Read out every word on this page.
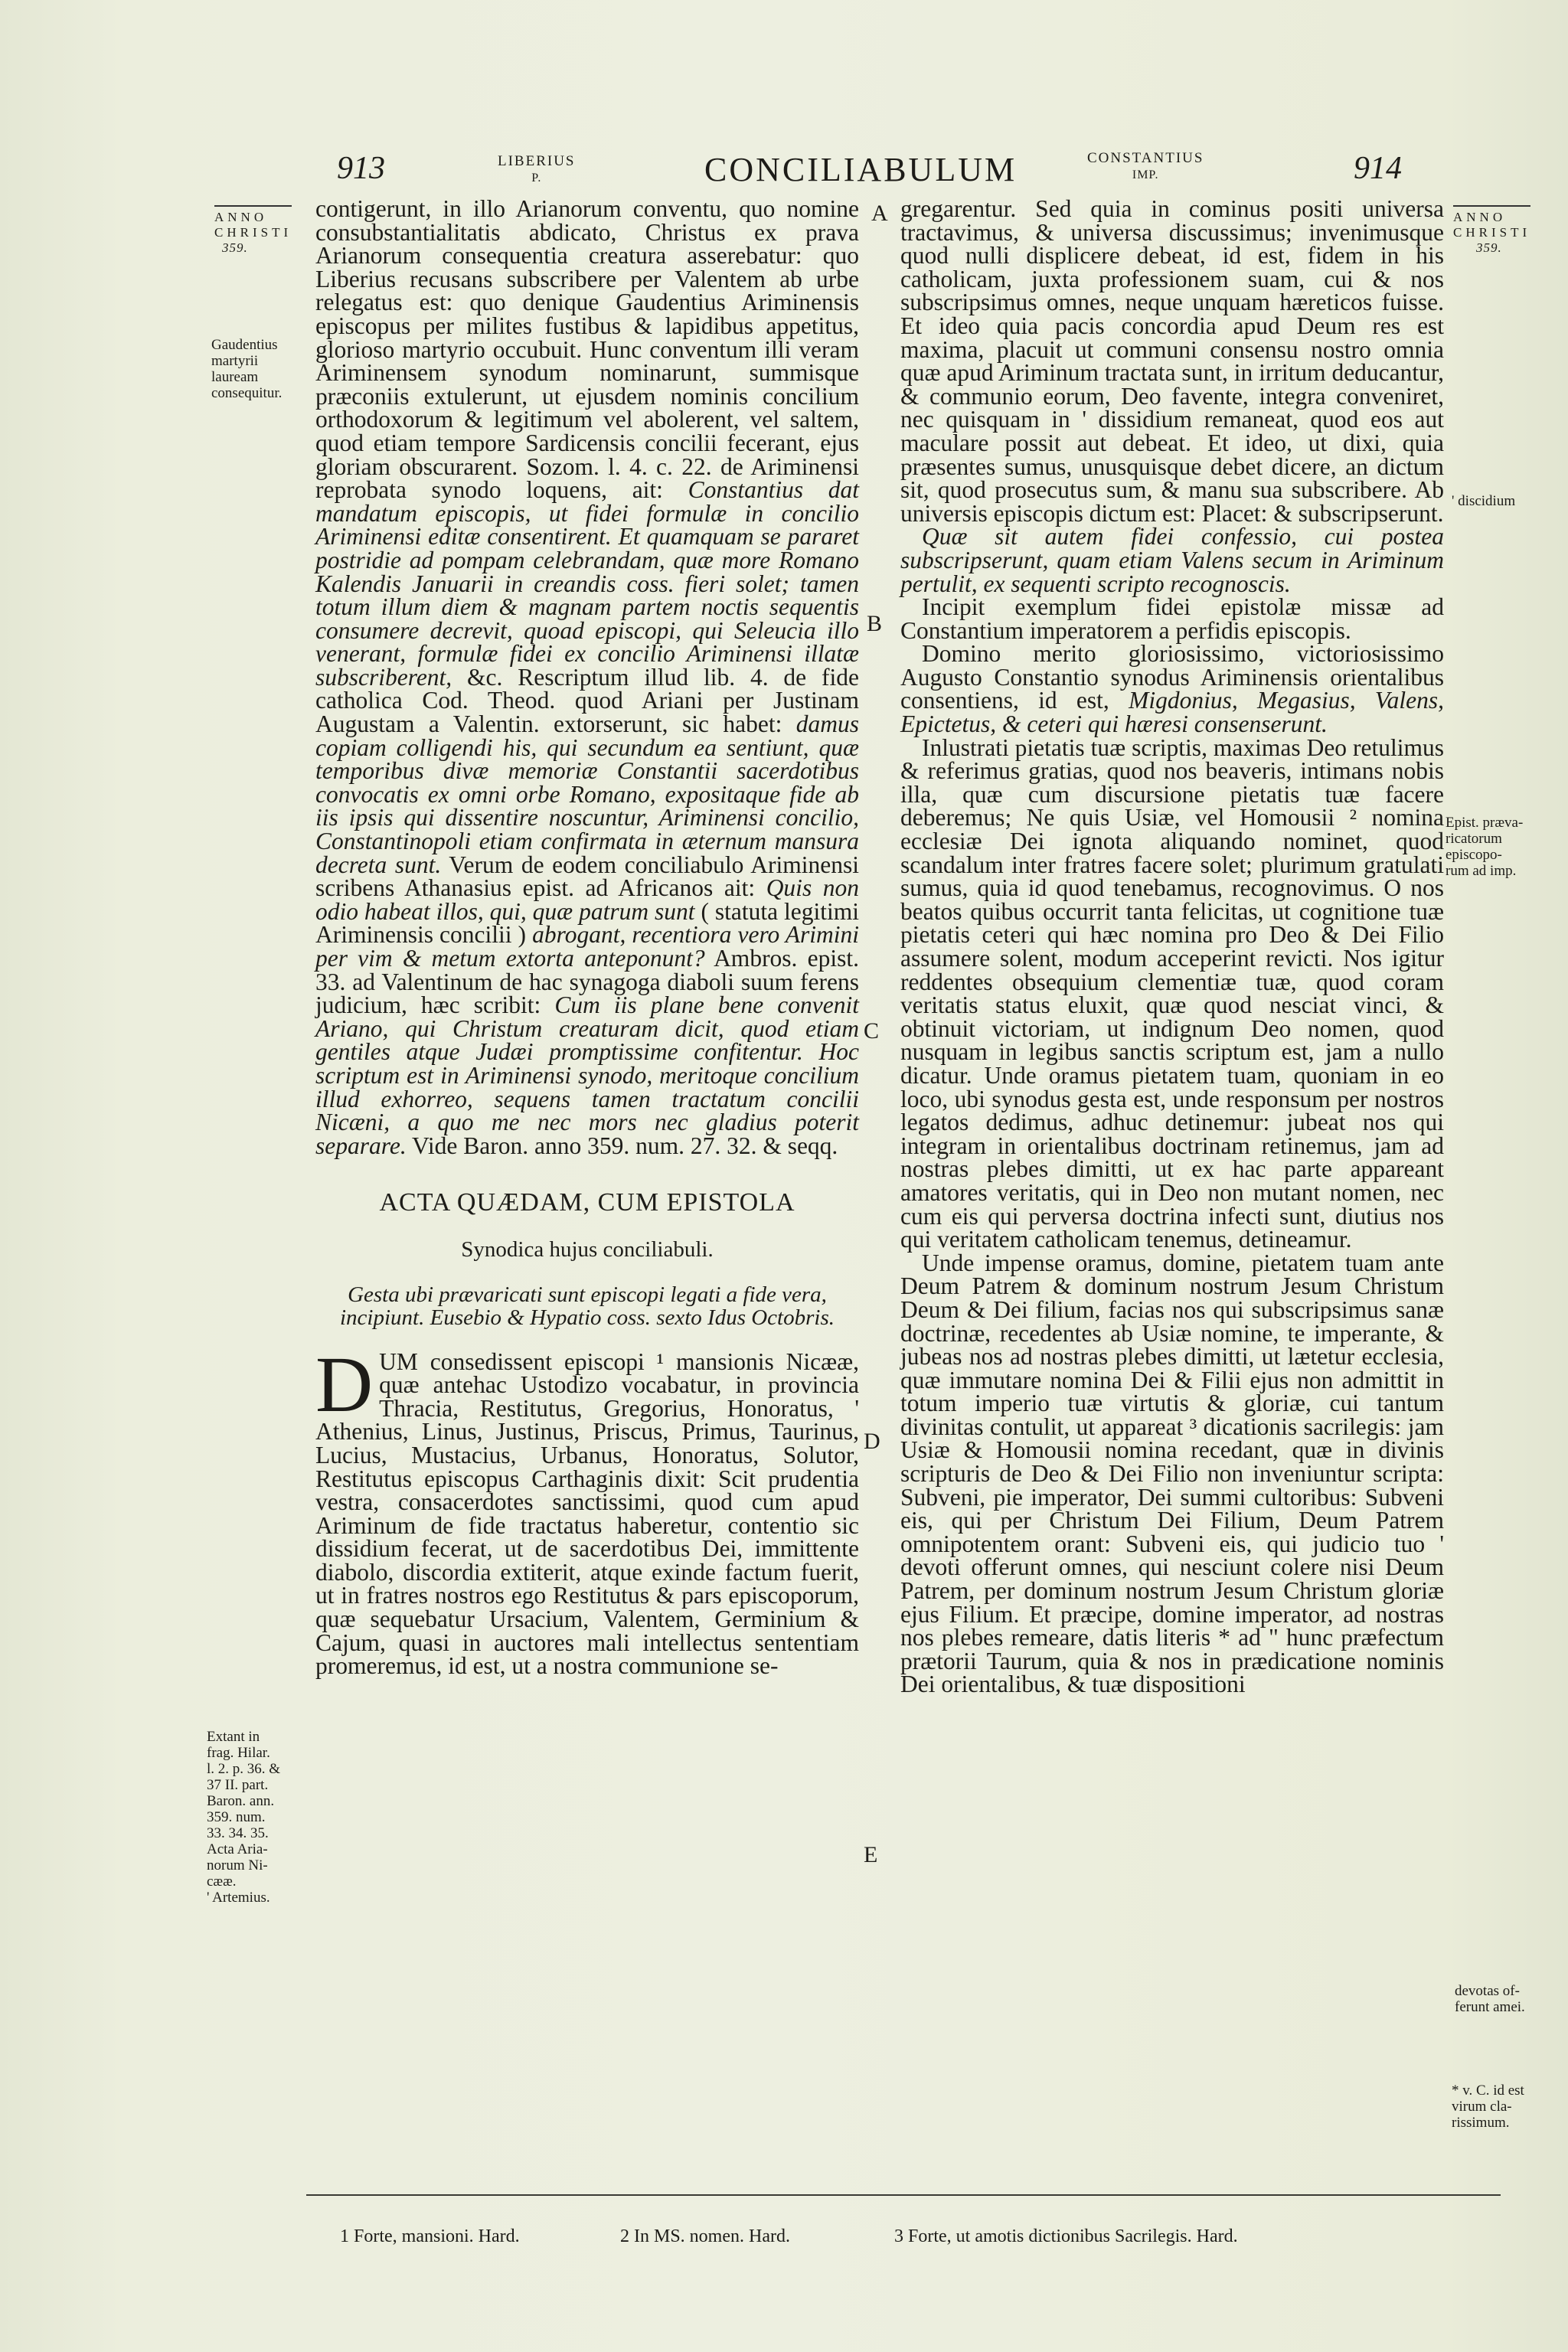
913	LIBERIUS
P.	CONCILIABULUM	CONSTANTIUS
IMP.	914
ANNO
CHRISTI
359.
Gaudentius
martyrii
lauream
consequitur.
Extant in
frag. Hilar.
l. 2. p. 36. &
37 II. part.
Baron. ann.
359. num.
33. 34. 35.
Acta Aria-
norum Ni-
cææ.
' Artemius.
A
B
C
D
E
ANNO
CHRISTI
359.
' discidium
Epist. præva-
ricatorum
episcopo-
rum ad imp.
devotas of-
ferunt amei.
* v. C. id est
virum cla-
rissimum.

contigerunt, in illo Arianorum conventu, quo nomine consubstantialitatis abdicato, Christus ex prava Arianorum consequentia creatura asserebatur: quo Liberius recusans subscribere per Valentem ab urbe relegatus est: quo denique Gaudentius Ariminensis episcopus per milites fustibus & lapidibus appetitus, glorioso martyrio occubuit. Hunc conventum illi veram Ariminensem synodum nominarunt, summisque præconiis extulerunt, ut ejusdem nominis concilium orthodoxorum & legitimum vel abolerent, vel saltem, quod etiam tempore Sardicensis concilii fecerant, ejus gloriam obscurarent. Sozom. l. 4. c. 22. de Ariminensi reprobata synodo loquens, ait: Constantius dat mandatum episcopis, ut fidei formulæ in concilio Ariminensi editæ consentirent. Et quamquam se pararet postridie ad pompam celebrandam, quæ more Romano Kalendis Januarii in creandis coss. fieri solet; tamen totum illum diem & magnam partem noctis sequentis consumere decrevit, quoad episcopi, qui Seleucia illo venerant, formulæ fidei ex concilio Ariminensi illatæ subscriberent, &c. Rescriptum illud lib. 4. de fide catholica Cod. Theod. quod Ariani per Justinam Augustam a Valentin. extorserunt, sic habet: damus copiam colligendi his, qui secundum ea sentiunt, quæ temporibus divæ memoriæ Constantii sacerdotibus convocatis ex omni orbe Romano, expositaque fide ab iis ipsis qui dissentire noscuntur, Ariminensi concilio, Constantinopoli etiam confirmata in æternum mansura decreta sunt. Verum de eodem conciliabulo Ariminensi scribens Athanasius epist. ad Africanos ait: Quis non odio habeat illos, qui, quæ patrum sunt ( statuta legitimi Ariminensis concilii ) abrogant, recentiora vero Arimini per vim & metum extorta anteponunt? Ambros. epist. 33. ad Valentinum de hac synagoga diaboli suum ferens judicium, hæc scribit: Cum iis plane bene convenit Ariano, qui Christum creaturam dicit, quod etiam gentiles atque Judæi promptissime confitentur. Hoc scriptum est in Ariminensi synodo, meritoque concilium illud exhorreo, sequens tamen tractatum concilii Nicæni, a quo me nec mors nec gladius poterit separare. Vide Baron. anno 359. num. 27. 32. & seqq.

ACTA QUÆDAM, CUM EPISTOLA
Synodica hujus conciliabuli.
Gesta ubi prævaricati sunt episcopi legati a fide vera, incipiunt. Eusebio & Hypatio coss. sexto Idus Octobris.

D UM consedissent episcopi ¹ mansionis Nicææ, quæ antehac Ustodizo vocabatur, in provincia Thracia, Restitutus, Gregorius, Honoratus, ' Athenius, Linus, Justinus, Priscus, Primus, Taurinus, Lucius, Mustacius, Urbanus, Honoratus, Solutor, Restitutus episcopus Carthaginis dixit: Scit prudentia vestra, consacerdotes sanctissimi, quod cum apud Ariminum de fide tractatus haberetur, contentio sic dissidium fecerat, ut de sacerdotibus Dei, immittente diabolo, discordia extiterit, atque exinde factum fuerit, ut in fratres nostros ego Restitutus & pars episcoporum, quæ sequebatur Ursacium, Valentem, Germinium & Cajum, quasi in auctores mali intellectus sententiam promeremus, id est, ut a nostra communione se-

gregarentur. Sed quia in cominus positi universa tractavimus, & universa discussimus; invenimusque quod nulli displicere debeat, id est, fidem in his catholicam, juxta professionem suam, cui & nos subscripsimus omnes, neque unquam hæreticos fuisse. Et ideo quia pacis concordia apud Deum res est maxima, placuit ut communi consensu nostro omnia quæ apud Ariminum tractata sunt, in irritum deducantur, & communio eorum, Deo favente, integra conveniret, nec quisquam in ' dissidium remaneat, quod eos aut maculare possit aut debeat. Et ideo, ut dixi, quia præsentes sumus, unusquisque debet dicere, an dictum sit, quod prosecutus sum, & manu sua subscribere. Ab universis episcopis dictum est: Placet: & subscripserunt.

Quæ sit autem fidei confessio, cui postea subscripserunt, quam etiam Valens secum in Ariminum pertulit, ex sequenti scripto recognoscis.

Incipit exemplum fidei epistolæ missæ ad Constantium imperatorem a perfidis episcopis.

Domino merito gloriosissimo, victoriosissimo Augusto Constantio synodus Ariminensis orientalibus consentiens, id est, Migdonius, Megasius, Valens, Epictetus, & ceteri qui hæresi consenserunt.

Inlustrati pietatis tuæ scriptis, maximas Deo retulimus & referimus gratias, quod nos beaveris, intimans nobis illa, quæ cum discursione pietatis tuæ facere deberemus; Ne quis Usiæ, vel Homousii ² nomina ecclesiæ Dei ignota aliquando nominet, quod scandalum inter fratres facere solet; plurimum gratulati sumus, quia id quod tenebamus, recognovimus. O nos beatos quibus occurrit tanta felicitas, ut cognitione tuæ pietatis ceteri qui hæc nomina pro Deo & Dei Filio assumere solent, modum acceperint revicti. Nos igitur reddentes obsequium clementiæ tuæ, quod coram veritatis status eluxit, quæ quod nesciat vinci, & obtinuit victoriam, ut indignum Deo nomen, quod nusquam in legibus sanctis scriptum est, jam a nullo dicatur. Unde oramus pietatem tuam, quoniam in eo loco, ubi synodus gesta est, unde responsum per nostros legatos dedimus, adhuc detinemur: jubeat nos qui integram in orientalibus doctrinam retinemus, jam ad nostras plebes dimitti, ut ex hac parte appareant amatores veritatis, qui in Deo non mutant nomen, nec cum eis qui perversa doctrina infecti sunt, diutius nos qui veritatem catholicam tenemus, detineamur.

Unde impense oramus, domine, pietatem tuam ante Deum Patrem & dominum nostrum Jesum Christum Deum & Dei filium, facias nos qui subscripsimus sanæ doctrinæ, recedentes ab Usiæ nomine, te imperante, & jubeas nos ad nostras plebes dimitti, ut lætetur ecclesia, quæ immutare nomina Dei & Filii ejus non admittit in totum imperio tuæ virtutis & gloriæ, cui tantum divinitas contulit, ut appareat ³ dicationis sacrilegis: jam Usiæ & Homousii nomina recedant, quæ in divinis scripturis de Deo & Dei Filio non inveniuntur scripta: Subveni, pie imperator, Dei summi cultoribus: Subveni eis, qui per Christum Dei Filium, Deum Patrem omnipotentem orant: Subveni eis, qui judicio tuo ' devoti offerunt omnes, qui nesciunt colere nisi Deum Patrem, per dominum nostrum Jesum Christum gloriæ ejus Filium. Et præcipe, domine imperator, ad nostras nos plebes remeare, datis literis * ad " hunc præfectum prætorii Taurum, quia & nos in prædicatione nominis Dei orientalibus, & tuæ dispositioni

1 Forte, mansioni. Hard.	2 In MS. nomen. Hard.	3 Forte, ut amotis dictionibus Sacrilegis. Hard.
